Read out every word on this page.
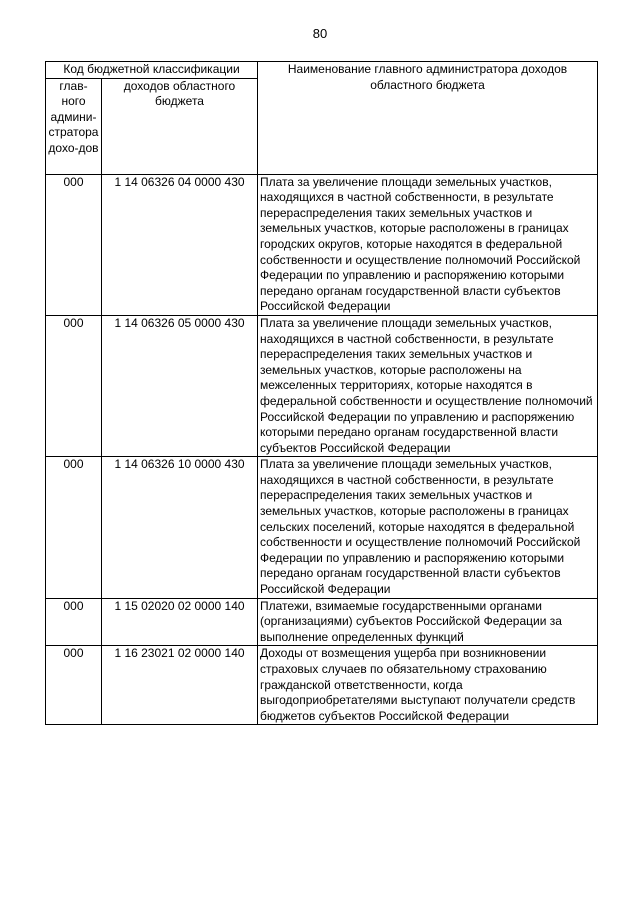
80
Код бюджетной классификации		Наименование главного администратора доходов областного бюджета
глав-ного админи-стратора дохо-дов	доходов областного бюджета	
000	1 14 06326 04 0000 430	Плата за увеличение площади земельных участков, находящихся в частной собственности, в результате перераспределения таких земельных участков и земельных участков, которые расположены в границах городских округов, которые находятся в федеральной собственности и осуществление полномочий Российской Федерации по управлению и распоряжению которыми передано органам государственной власти субъектов Российской Федерации
000	1 14 06326 05 0000 430	Плата за увеличение площади земельных участков, находящихся в частной собственности, в результате перераспределения таких земельных участков и земельных участков, которые расположены на межселенных территориях, которые находятся в федеральной собственности и осуществление полномочий Российской Федерации по управлению и распоряжению которыми передано органам государственной власти субъектов Российской Федерации
000	1 14 06326 10 0000 430	Плата за увеличение площади земельных участков, находящихся в частной собственности, в результате перераспределения таких земельных участков и земельных участков, которые расположены в границах сельских поселений, которые находятся в федеральной собственности и осуществление полномочий Российской Федерации по управлению и распоряжению которыми передано органам государственной власти субъектов Российской Федерации
000	1 15 02020 02 0000 140	Платежи, взимаемые государственными органами (организациями) субъектов Российской Федерации за выполнение определенных функций
000	1 16 23021 02 0000 140	Доходы от возмещения ущерба при возникновении страховых случаев по обязательному страхованию гражданской ответственности, когда выгодоприобретателями выступают получатели средств бюджетов субъектов Российской Федерации
